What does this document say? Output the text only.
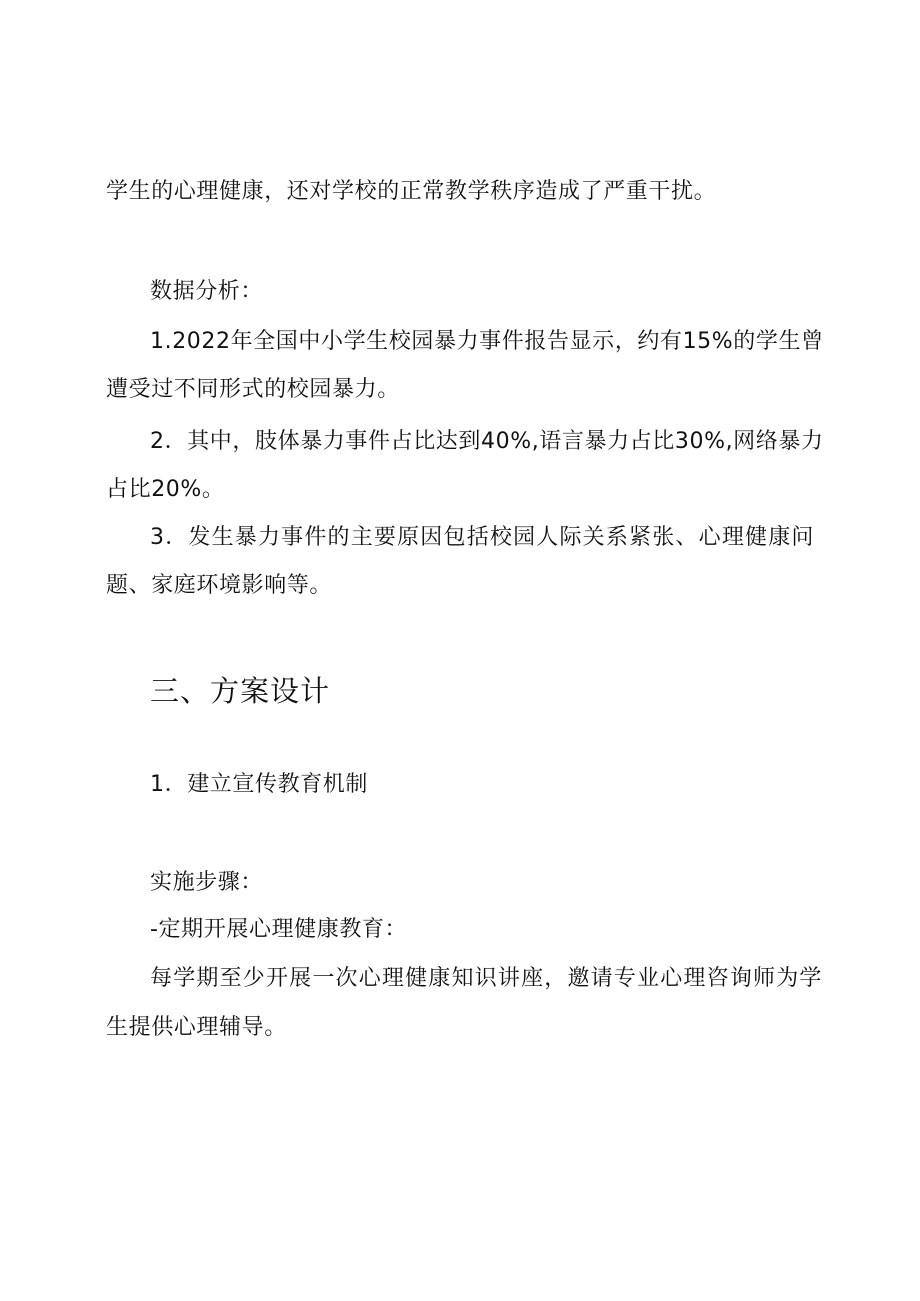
学生的心理健康，还对学校的正常教学秩序造成了严重干扰。
数据分析：
1.2022年全国中小学生校园暴力事件报告显示，约有15%的学生曾
遭受过不同形式的校园暴力。
2．其中，肢体暴力事件占比达到40%,语言暴力占比30%,网络暴力
占比20%。
3．发生暴力事件的主要原因包括校园人际关系紧张、心理健康问
题、家庭环境影响等。
三、方案设计
1．建立宣传教育机制
实施步骤：
-定期开展心理健康教育：
每学期至少开展一次心理健康知识讲座，邀请专业心理咨询师为学
生提供心理辅导。
